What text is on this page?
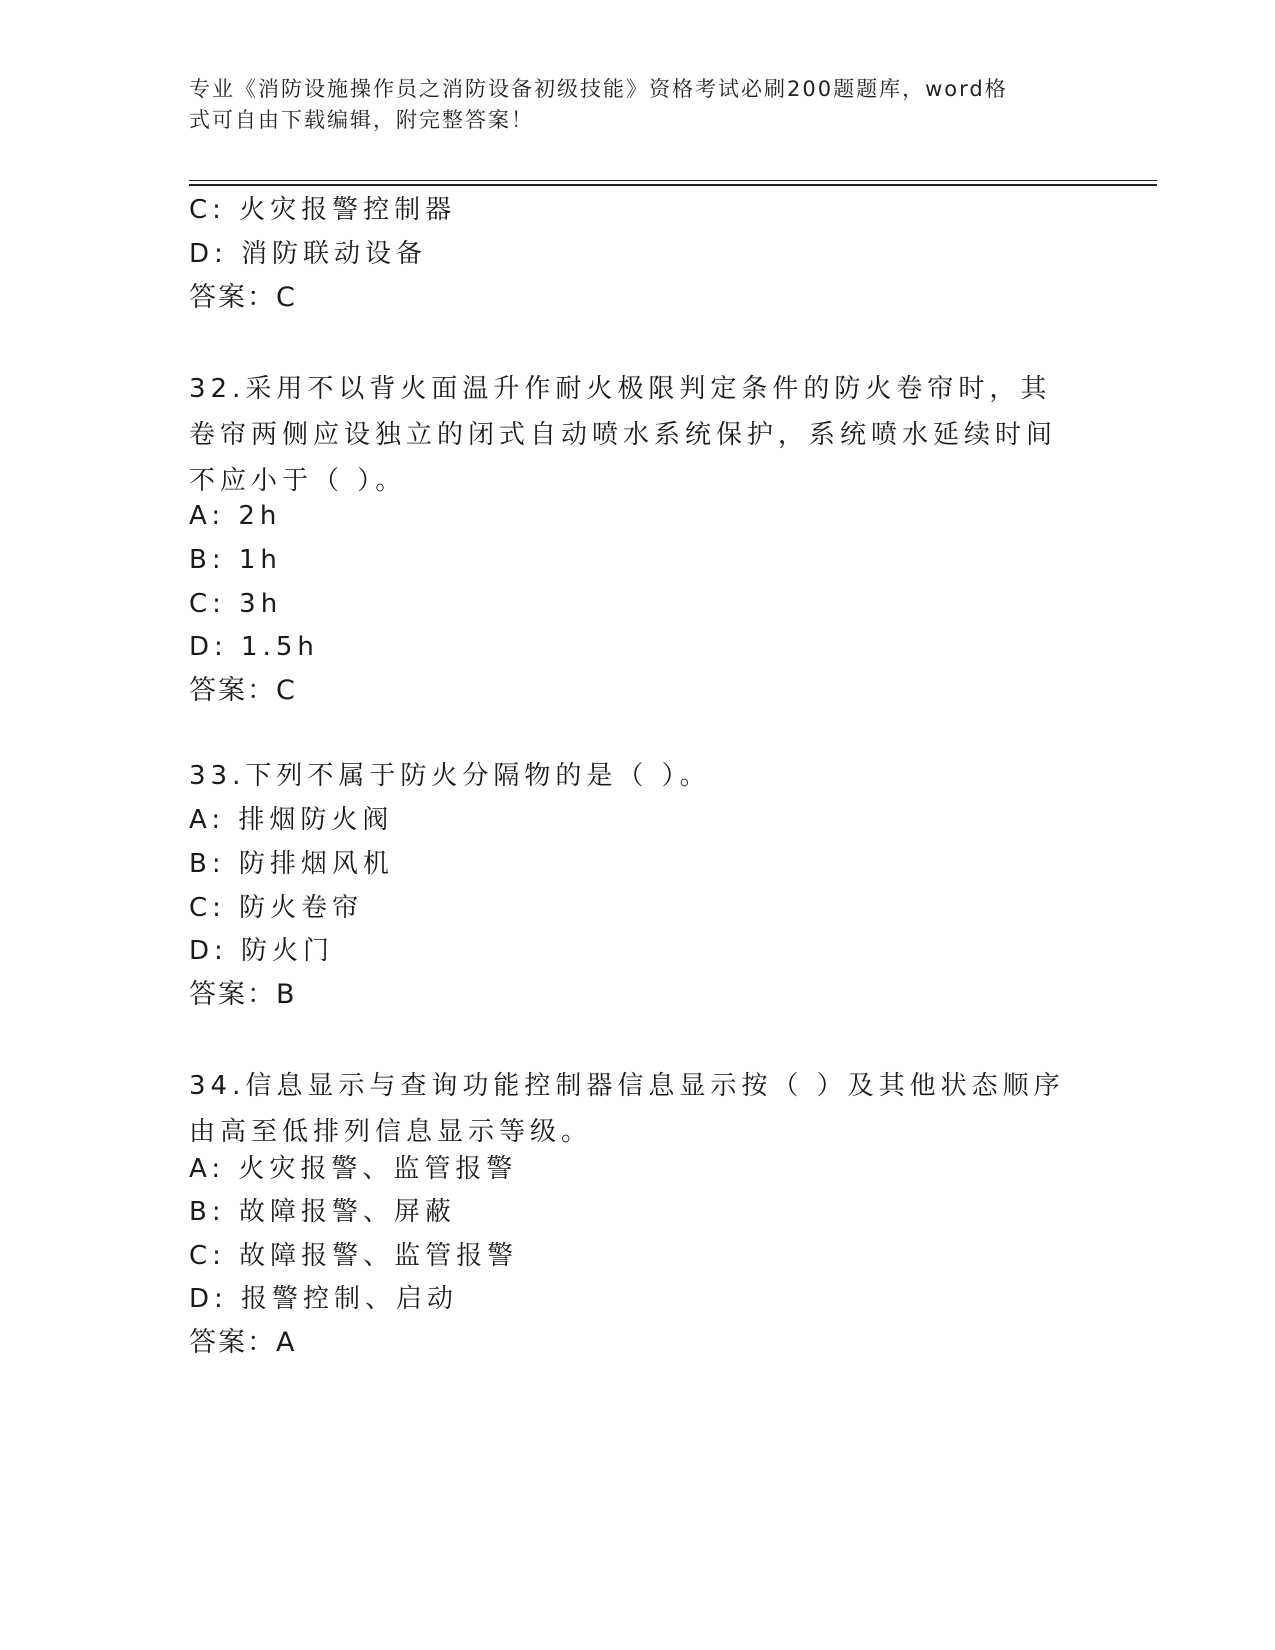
专业《消防设施操作员之消防设备初级技能》资格考试必刷200题题库，word格
式可自由下载编辑，附完整答案！
C: 火灾报警控制器
D: 消防联动设备
答案：C
32.采用不以背火面温升作耐火极限判定条件的防火卷帘时，其卷帘两侧应设独立的闭式自动喷水系统保护，系统喷水延续时间不应小于（ ）。
A: 2h
B: 1h
C: 3h
D: 1.5h
答案：C
33.下列不属于防火分隔物的是（ ）。
A: 排烟防火阀
B: 防排烟风机
C: 防火卷帘
D: 防火门
答案：B
34.信息显示与查询功能控制器信息显示按（ ）及其他状态顺序由高至低排列信息显示等级。
A: 火灾报警、监管报警
B: 故障报警、屏蔽
C: 故障报警、监管报警
D: 报警控制、启动
答案：A
